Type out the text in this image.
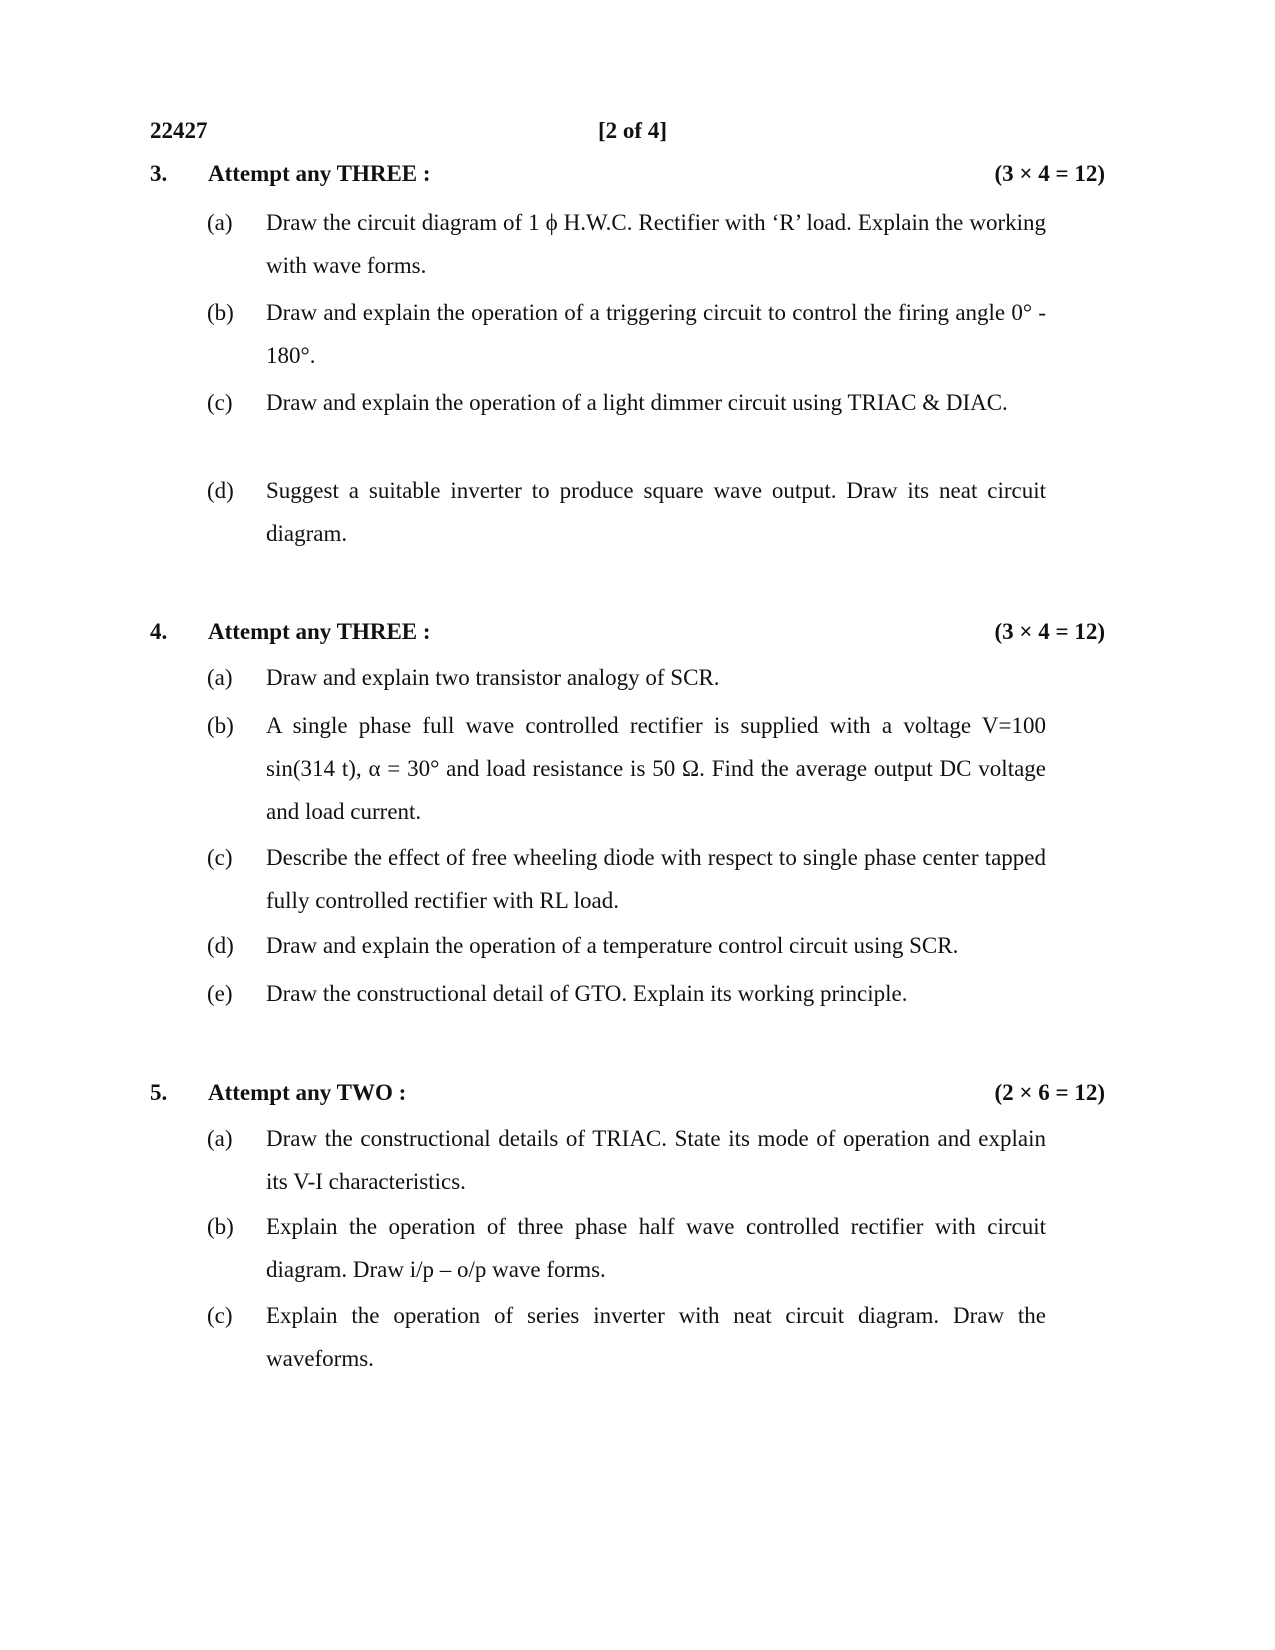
22427	[2 of 4]
3. Attempt any THREE :	(3 × 4 = 12)
(a) Draw the circuit diagram of 1 ϕ H.W.C. Rectifier with ‘R’ load. Explain the working with wave forms.
(b) Draw and explain the operation of a triggering circuit to control the firing angle 0° - 180°.
(c) Draw and explain the operation of a light dimmer circuit using TRIAC & DIAC.
(d) Suggest a suitable inverter to produce square wave output. Draw its neat circuit diagram.
4. Attempt any THREE :	(3 × 4 = 12)
(a) Draw and explain two transistor analogy of SCR.
(b) A single phase full wave controlled rectifier is supplied with a voltage V=100 sin(314 t), α = 30° and load resistance is 50 Ω. Find the average output DC voltage and load current.
(c) Describe the effect of free wheeling diode with respect to single phase center tapped fully controlled rectifier with RL load.
(d) Draw and explain the operation of a temperature control circuit using SCR.
(e) Draw the constructional detail of GTO. Explain its working principle.
5. Attempt any TWO :	(2 × 6 = 12)
(a) Draw the constructional details of TRIAC. State its mode of operation and explain its V-I characteristics.
(b) Explain the operation of three phase half wave controlled rectifier with circuit diagram. Draw i/p – o/p wave forms.
(c) Explain the operation of series inverter with neat circuit diagram. Draw the waveforms.
